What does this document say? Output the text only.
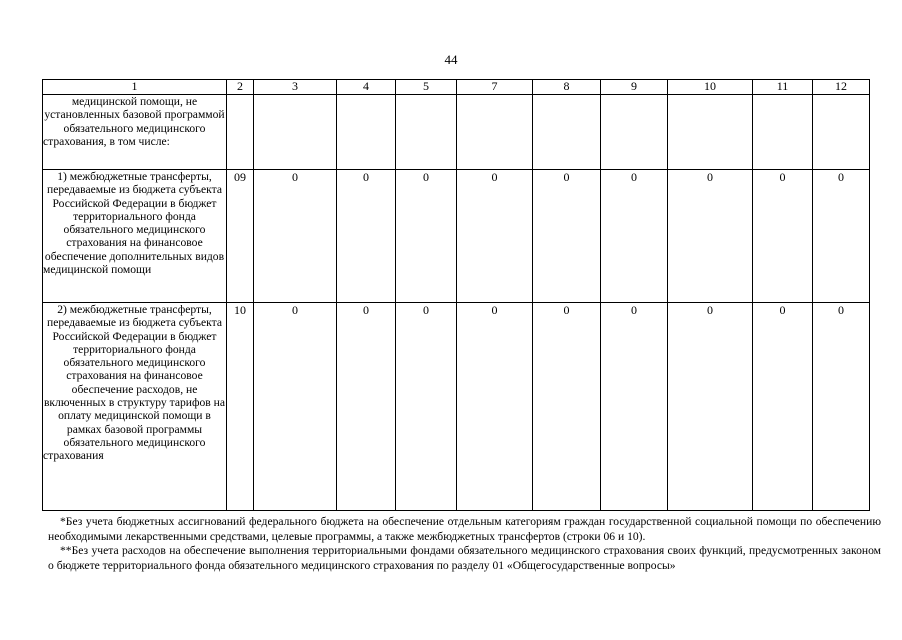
44
1	2	3	4	5	7	8	9	10	11	12
медицинской помощи, не установленных базовой программой обязательного медицинского страхования, в том числе:										
1) межбюджетные трансферты, передаваемые из бюджета субъекта Российской Федерации в бюджет территориального фонда обязательного медицинского страхования на финансовое обеспечение дополнительных видов медицинской помощи	09	0	0	0	0	0	0	0	0	0
2) межбюджетные трансферты, передаваемые из бюджета субъекта Российской Федерации в бюджет территориального фонда обязательного медицинского страхования на финансовое обеспечение расходов, не включенных в структуру тарифов на оплату медицинской помощи в рамках базовой программы обязательного медицинского страхования	10	0	0	0	0	0	0	0	0	0

*Без учета бюджетных ассигнований федерального бюджета на обеспечение отдельным категориям граждан государственной социальной помощи по обеспечению необходимыми лекарственными средствами, целевые программы, а также межбюджетных трансфертов (строки 06 и 10).

**Без учета расходов на обеспечение выполнения территориальными фондами обязательного медицинского страхования своих функций, предусмотренных законом о бюджете территориального фонда обязательного медицинского страхования по разделу 01 «Общегосударственные вопросы»
